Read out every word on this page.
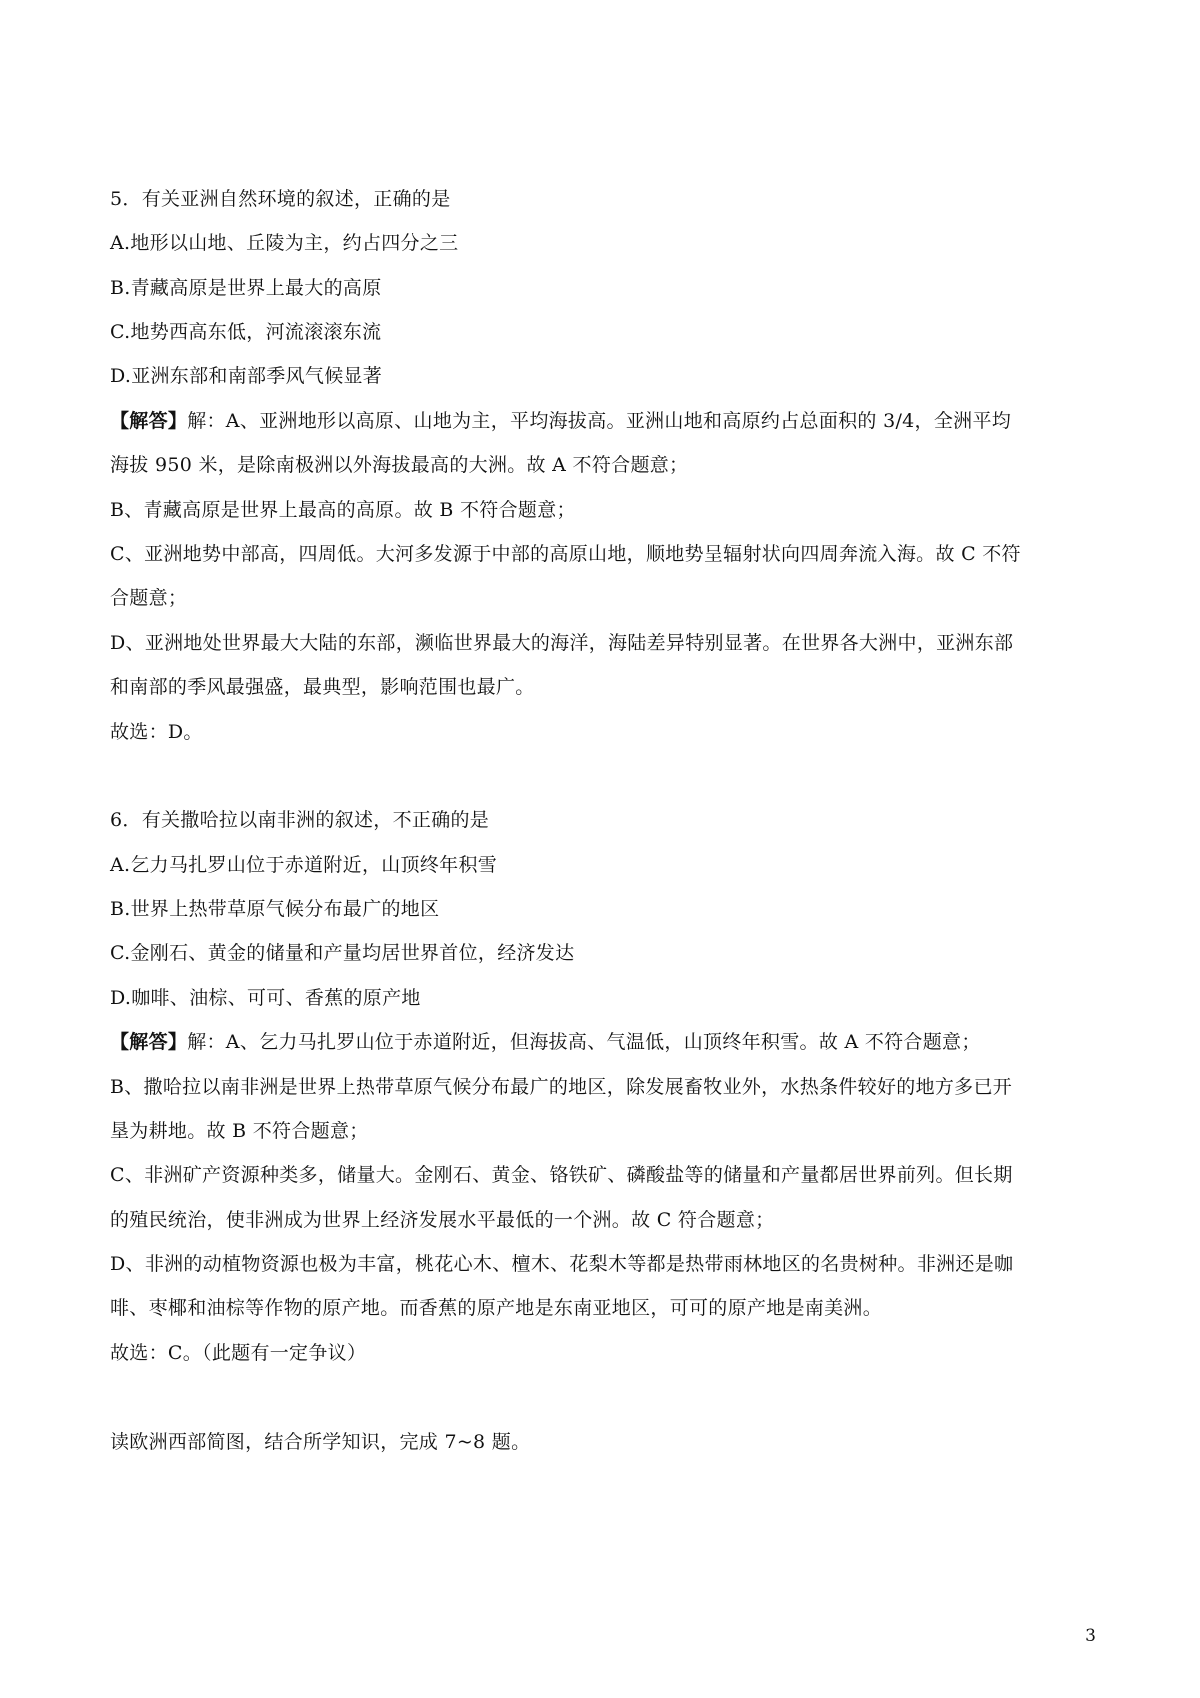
5．有关亚洲自然环境的叙述，正确的是
A.地形以山地、丘陵为主，约占四分之三
B.青藏高原是世界上最大的高原
C.地势西高东低，河流滚滚东流
D.亚洲东部和南部季风气候显著
【解答】解：A、亚洲地形以高原、山地为主，平均海拔高。亚洲山地和高原约占总面积的 3/4，全洲平均
海拔 950 米，是除南极洲以外海拔最高的大洲。故 A 不符合题意；
B、青藏高原是世界上最高的高原。故 B 不符合题意；
C、亚洲地势中部高，四周低。大河多发源于中部的高原山地，顺地势呈辐射状向四周奔流入海。故 C 不符
合题意；
D、亚洲地处世界最大大陆的东部，濒临世界最大的海洋，海陆差异特别显著。在世界各大洲中，亚洲东部
和南部的季风最强盛，最典型，影响范围也最广。
故选：D。
6．有关撒哈拉以南非洲的叙述，不正确的是
A.乞力马扎罗山位于赤道附近，山顶终年积雪
B.世界上热带草原气候分布最广的地区
C.金刚石、黄金的储量和产量均居世界首位，经济发达
D.咖啡、油棕、可可、香蕉的原产地
【解答】解：A、乞力马扎罗山位于赤道附近，但海拔高、气温低，山顶终年积雪。故 A 不符合题意；
B、撒哈拉以南非洲是世界上热带草原气候分布最广的地区，除发展畜牧业外，水热条件较好的地方多已开
垦为耕地。故 B 不符合题意；
C、非洲矿产资源种类多，储量大。金刚石、黄金、铬铁矿、磷酸盐等的储量和产量都居世界前列。但长期
的殖民统治，使非洲成为世界上经济发展水平最低的一个洲。故 C 符合题意；
D、非洲的动植物资源也极为丰富，桃花心木、檀木、花梨木等都是热带雨林地区的名贵树种。非洲还是咖
啡、枣椰和油棕等作物的原产地。而香蕉的原产地是东南亚地区，可可的原产地是南美洲。
故选：C。（此题有一定争议）
读欧洲西部简图，结合所学知识，完成 7~8 题。
3
